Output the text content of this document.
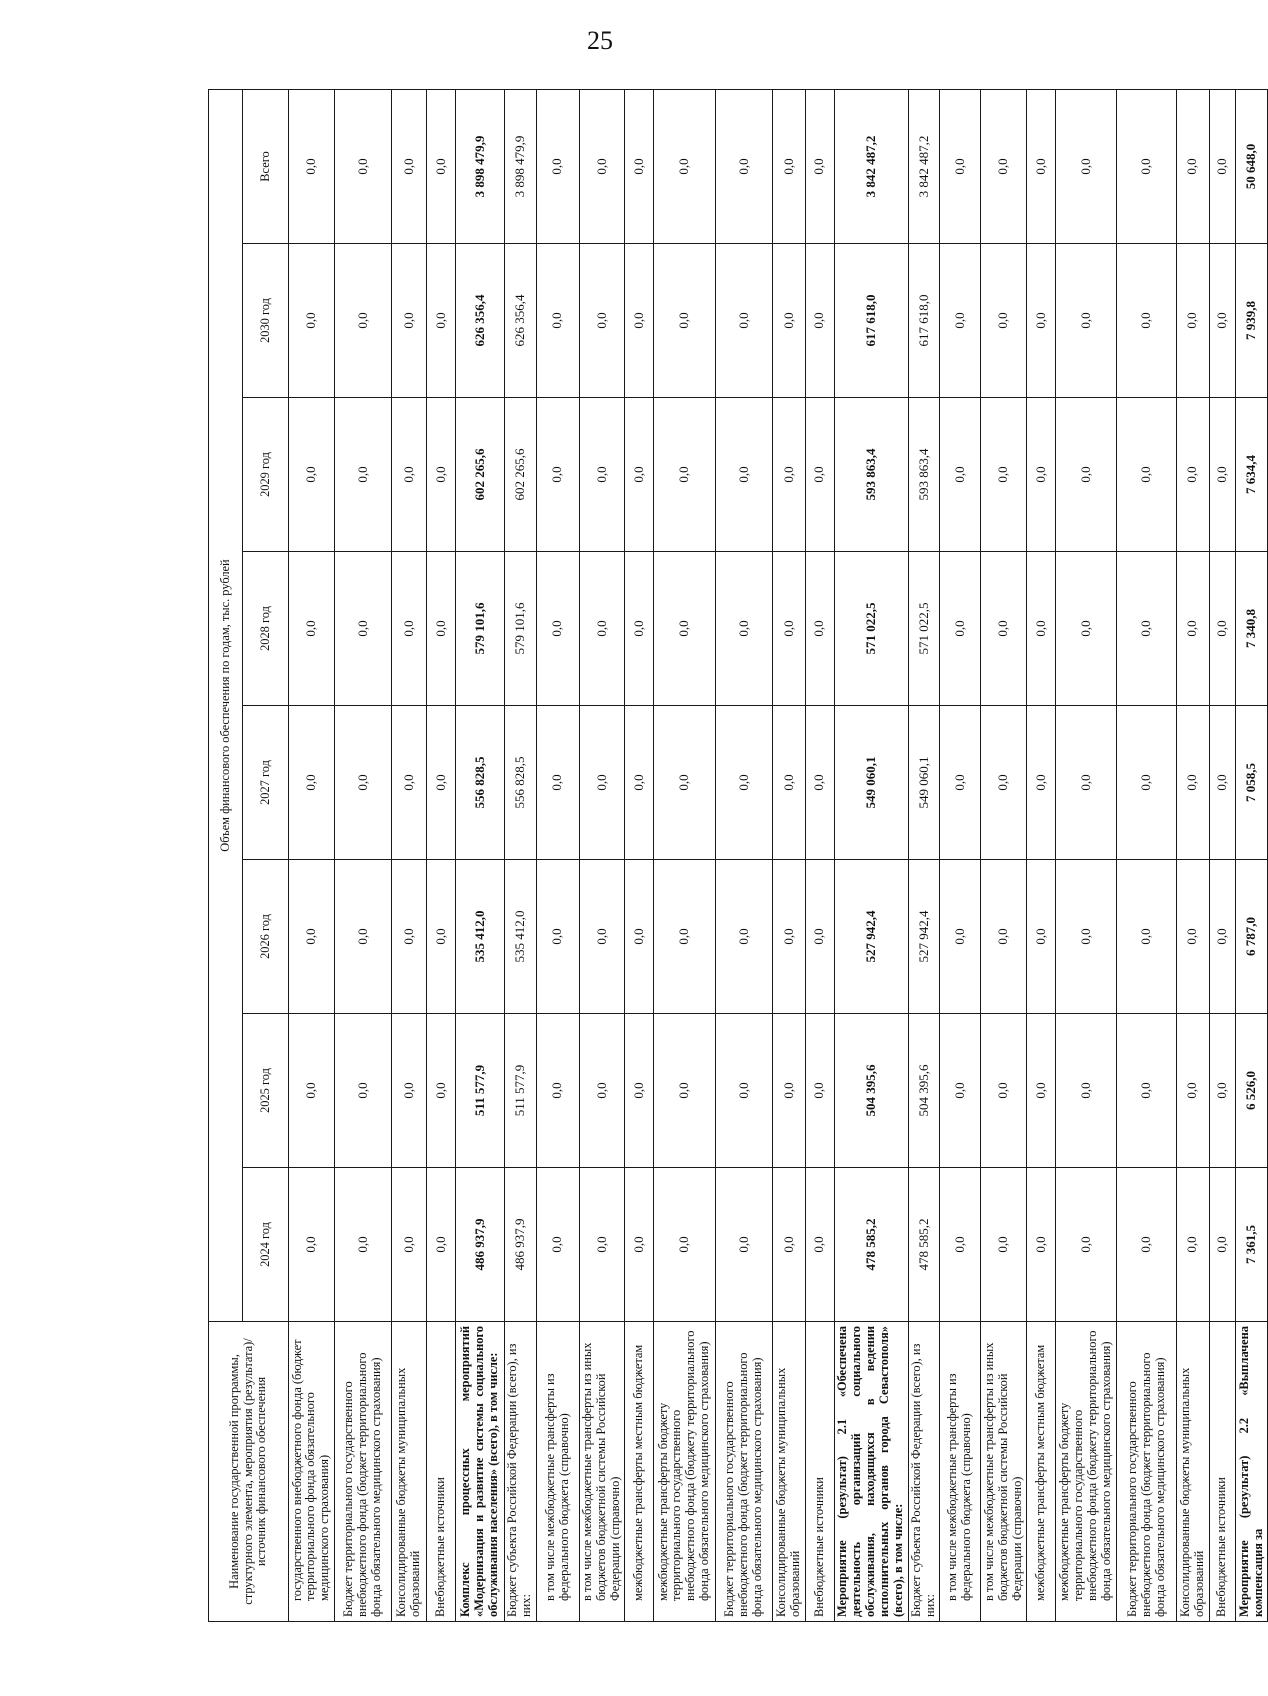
25
Наименование государственной программы, структурного элемента, мероприятия (результата)/источник финансового обеспечения	Объем финансового обеспечения по годам, тыс. рублей							
	2024 год	2025 год	2026 год	2027 год	2028 год	2029 год	2030 год	Всего
государственного внебюджетного фонда (бюджет территориального фонда обязательного медицинского страхования)	0,0	0,0	0,0	0,0	0,0	0,0	0,0	0,0
Бюджет территориального государственного внебюджетного фонда (бюджет территориального фонда обязательного медицинского страхования)	0,0	0,0	0,0	0,0	0,0	0,0	0,0	0,0
Консолидированные бюджеты муниципальных образований	0,0	0,0	0,0	0,0	0,0	0,0	0,0	0,0
Внебюджетные источники	0,0	0,0	0,0	0,0	0,0	0,0	0,0	0,0
Комплекс процессных мероприятий «Модернизация и развитие системы социального обслуживания населения» (всего), в том числе:	486 937,9	511 577,9	535 412,0	556 828,5	579 101,6	602 265,6	626 356,4	3 898 479,9
Бюджет субъекта Российской Федерации (всего), из них:	486 937,9	511 577,9	535 412,0	556 828,5	579 101,6	602 265,6	626 356,4	3 898 479,9
в том числе межбюджетные трансферты из федерального бюджета (справочно)	0,0	0,0	0,0	0,0	0,0	0,0	0,0	0,0
в том числе межбюджетные трансферты из иных бюджетов бюджетной системы Российской Федерации (справочно)	0,0	0,0	0,0	0,0	0,0	0,0	0,0	0,0
межбюджетные трансферты местным бюджетам	0,0	0,0	0,0	0,0	0,0	0,0	0,0	0,0
межбюджетные трансферты бюджету территориального государственного внебюджетного фонда (бюджету территориального фонда обязательного медицинского страхования)	0,0	0,0	0,0	0,0	0,0	0,0	0,0	0,0
Бюджет территориального государственного внебюджетного фонда (бюджет территориального фонда обязательного медицинского страхования)	0,0	0,0	0,0	0,0	0,0	0,0	0,0	0,0
Консолидированные бюджеты муниципальных образований	0,0	0,0	0,0	0,0	0,0	0,0	0,0	0,0
Внебюджетные источники	0,0	0,0	0,0	0,0	0,0	0,0	0,0	0,0
Мероприятие (результат) 2.1 «Обеспечена деятельность организаций социального обслуживания, находящихся в ведении исполнительных органов города Севастополя» (всего), в том числе:	478 585,2	504 395,6	527 942,4	549 060,1	571 022,5	593 863,4	617 618,0	3 842 487,2
Бюджет субъекта Российской Федерации (всего), из них:	478 585,2	504 395,6	527 942,4	549 060,1	571 022,5	593 863,4	617 618,0	3 842 487,2
в том числе межбюджетные трансферты из федерального бюджета (справочно)	0,0	0,0	0,0	0,0	0,0	0,0	0,0	0,0
в том числе межбюджетные трансферты из иных бюджетов бюджетной системы Российской Федерации (справочно)	0,0	0,0	0,0	0,0	0,0	0,0	0,0	0,0
межбюджетные трансферты местным бюджетам	0,0	0,0	0,0	0,0	0,0	0,0	0,0	0,0
межбюджетные трансферты бюджету территориального государственного внебюджетного фонда (бюджету территориального фонда обязательного медицинского страхования)	0,0	0,0	0,0	0,0	0,0	0,0	0,0	0,0
Бюджет территориального государственного внебюджетного фонда (бюджет территориального фонда обязательного медицинского страхования)	0,0	0,0	0,0	0,0	0,0	0,0	0,0	0,0
Консолидированные бюджеты муниципальных образований	0,0	0,0	0,0	0,0	0,0	0,0	0,0	0,0
Внебюджетные источники	0,0	0,0	0,0	0,0	0,0	0,0	0,0	0,0
Мероприятие (результат) 2.2 «Выплачена компенсация за	7 361,5	6 526,0	6 787,0	7 058,5	7 340,8	7 634,4	7 939,8	50 648,0
